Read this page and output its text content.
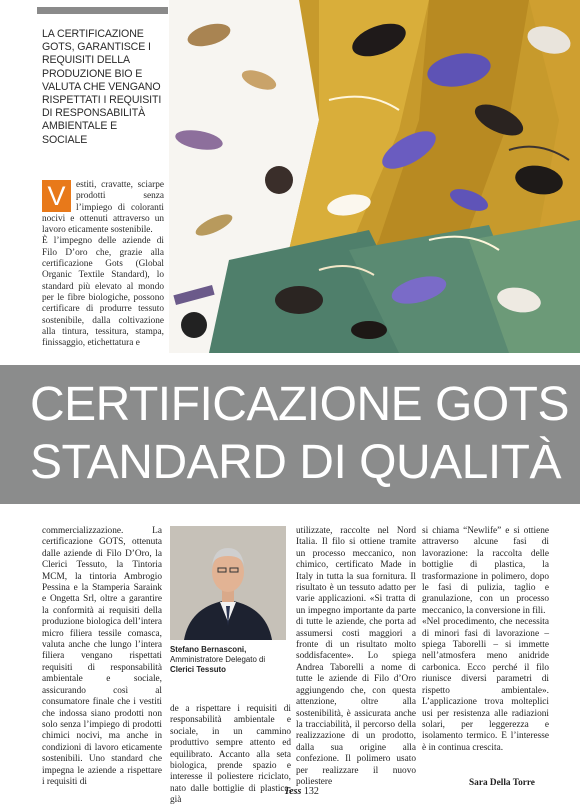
LA CERTIFICAZIONE GOTS, GARANTISCE I REQUISITI DELLA PRODUZIONE BIO E VALUTA CHE VENGANO RISPETTATI I REQUISITI DI RESPONSABILITÀ AMBIENTALE E SOCIALE
V	estiti, cravatte, sciarpe prodotti senza l’impiego di coloranti nocivi e ottenuti attraverso un lavoro eticamente sostenibile.

È l’impegno delle aziende di Filo D’oro che, grazie alla certificazione Gots (Global Organic Textile Standard), lo standard più elevato al mondo per le fibre biologiche, possono certificare di produrre tessuto sostenibile, dalla coltivazione alla tintura, tessitura, stampa, finissaggio, etichettatura e

CERTIFICAZIONE GOTS
STANDARD DI QUALITÀ

commercializzazione. La certificazione GOTS, ottenuta dalle aziende di Filo D’Oro, la Clerici Tessuto, la Tintoria MCM, la tintoria Ambrogio Pessina e la Stamperia Saraink e Ongetta Srl, oltre a garantire la conformità ai requisiti della produzione biologica dell’intera micro filiera tessile comasca, valuta anche che lungo l’intera filiera vengano rispettati requisiti di responsabilità ambientale e sociale, assicurando così al consumatore finale che i vestiti che indossa siano prodotti non solo senza l’impiego di prodotti chimici nocivi, ma anche in condizioni di lavoro eticamente sostenibili. Uno standard che impegna le aziende a rispettare i requisiti di

Stefano Bernasconi, Amministratore Delegato di Clerici Tessuto

de a rispettare i requisiti di responsabilità ambientale e sociale, in un cammino produttivo sempre attento ed equilibrato. Accanto alla seta biologica, prende spazio e interesse il poliestere riciclato, nato dalle bottiglie di plastica, già

utilizzate, raccolte nel Nord Italia. Il filo si ottiene tramite un processo meccanico, non chimico, certificato Made in Italy in tutta la sua fornitura. Il risultato è un tessuto adatto per varie applicazioni. «Si tratta di un impegno importante da parte di tutte le aziende, che porta ad assumersi costi maggiori a fronte di un risultato molto soddisfacente». Lo spiega Andrea Taborelli a nome di tutte le aziende di Filo d’Oro aggiungendo che, con questa attenzione, oltre alla sostenibilità, è assicurata anche la tracciabilità, il percorso della realizzazione di un prodotto, dalla sua origine alla confezione. Il polimero usato per realizzare il nuovo poliestere

si chiama “Newlife” e si ottiene attraverso alcune fasi di lavorazione: la raccolta delle bottiglie di plastica, la trasformazione in polimero, dopo le fasi di pulizia, taglio e granulazione, con un processo meccanico, la conversione in fili.

«Nel procedimento, che necessita di minori fasi di lavorazione – spiega Taborelli – si immette nell’atmosfera meno anidride carbonica. Ecco perché il filo riunisce diversi parametri di rispetto ambientale». L’applicazione trova molteplici usi per resistenza alle radiazioni solari, per leggerezza e isolamento termico. E l’interesse è in continua crescita.

Sara Della Torre
Tess 132
